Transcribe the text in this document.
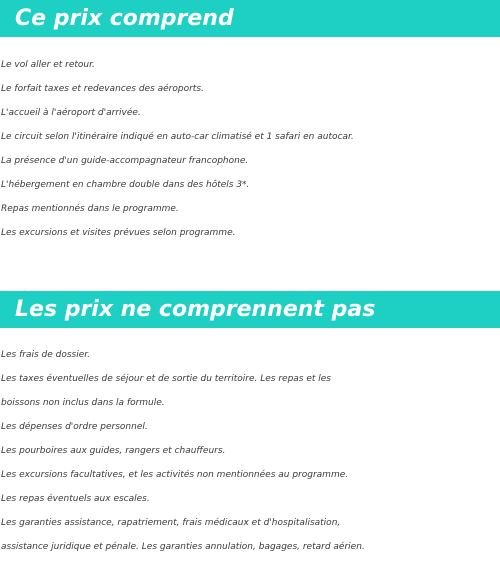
Ce prix comprend
Le vol aller et retour.
Le forfait taxes et redevances des aéroports.
L'accueil à l'aéroport d'arrivée.
Le circuit selon l'itinéraire indiqué en auto-car climatisé et 1 safari en autocar.
La présence d'un guide-accompagnateur francophone.
L'hébergement en chambre double dans des hôtels 3*.
Repas mentionnés dans le programme.
Les excursions et visites prévues selon programme.
Les prix ne comprennent pas
Les frais de dossier.
Les taxes éventuelles de séjour et de sortie du territoire. Les repas et les
boissons non inclus dans la formule.
Les dépenses d'ordre personnel.
Les pourboires aux guides, rangers et chauffeurs.
Les excursions facultatives, et les activités non mentionnées au programme.
Les repas éventuels aux escales.
Les garanties assistance, rapatriement, frais médicaux et d'hospitalisation,
assistance juridique et pénale. Les garanties annulation, bagages, retard aérien.
